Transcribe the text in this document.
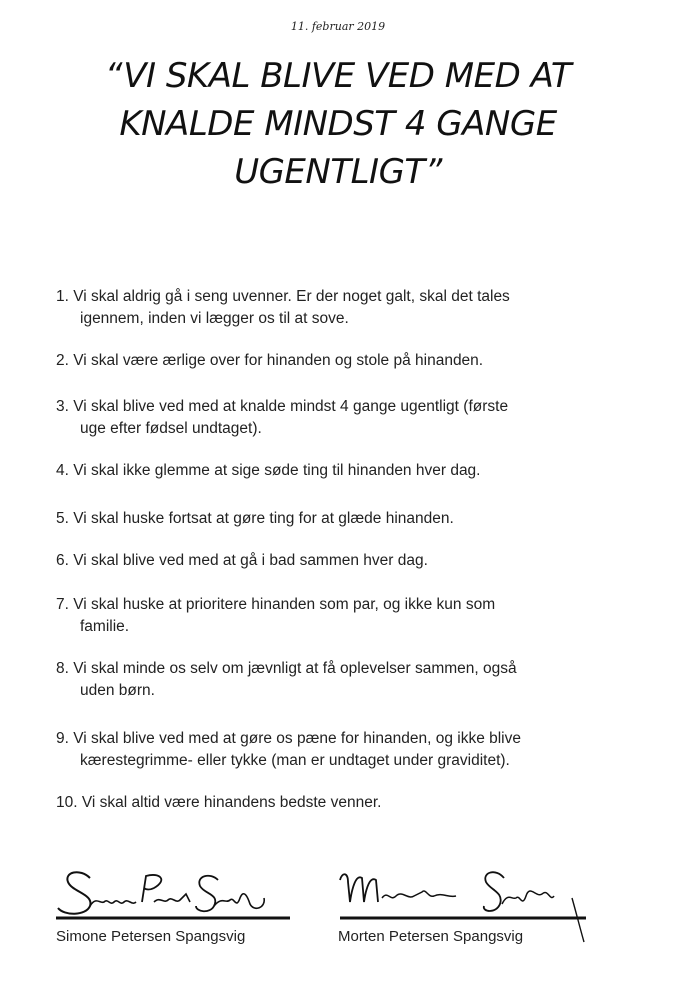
11. februar 2019
“VI SKAL BLIVE VED MED AT
KNALDE MINDST 4 GANGE
UGENTLIGT”
1. Vi skal aldrig gå i seng uvenner. Er der noget galt, skal det tales
igennem, inden vi lægger os til at sove.
2. Vi skal være ærlige over for hinanden og stole på hinanden.
3. Vi skal blive ved med at knalde mindst 4 gange ugentligt (første
uge efter fødsel undtaget).
4. Vi skal ikke glemme at sige søde ting til hinanden hver dag.
5. Vi skal huske fortsat at gøre ting for at glæde hinanden.
6. Vi skal blive ved med at gå i bad sammen hver dag.
7. Vi skal huske at prioritere hinanden som par, og ikke kun som
familie.
8. Vi skal minde os selv om jævnligt at få oplevelser sammen, også
uden børn.
9. Vi skal blive ved med at gøre os pæne for hinanden, og ikke blive
kærestegrimme- eller tykke (man er undtaget under graviditet).
10. Vi skal altid være hinandens bedste venner.
Simone Petersen Spangsvig	Morten Petersen Spangsvig
